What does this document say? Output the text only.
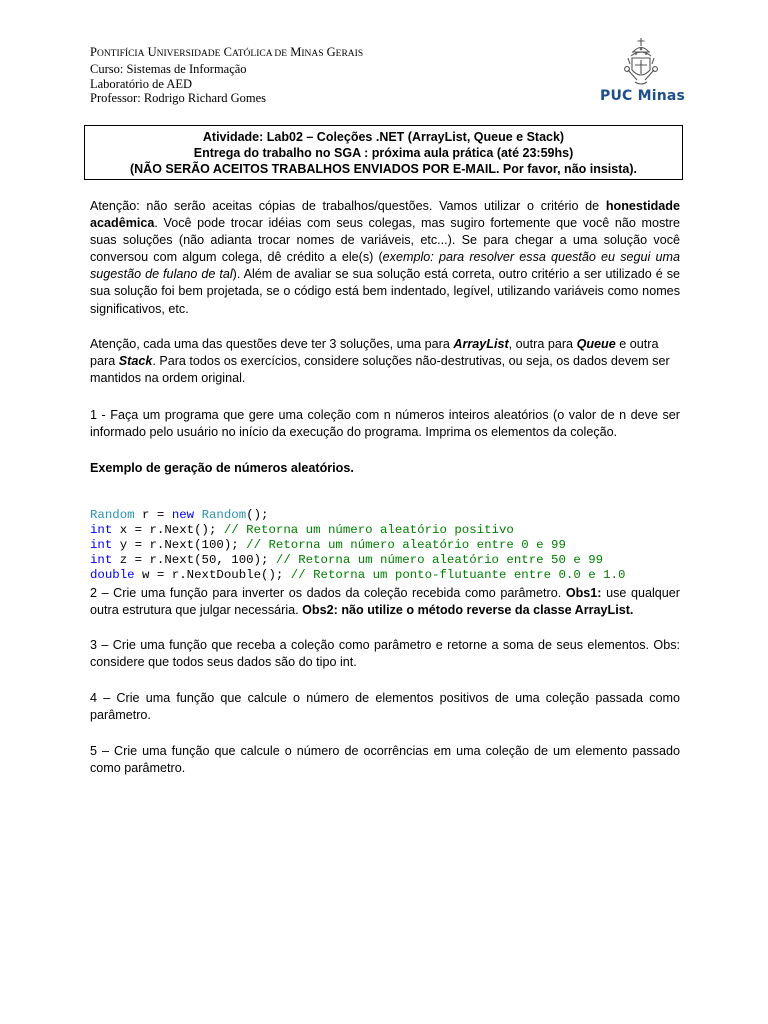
PONTIFÍCIA UNIVERSIDADE CATÓLICA DE MINAS GERAIS
Curso: Sistemas de Informação
Laboratório de AED
Professor: Rodrigo Richard Gomes	PUC Minas
Atividade: Lab02 – Coleções .NET (ArrayList, Queue e Stack)
Entrega do trabalho no SGA : próxima aula prática (até 23:59hs)
(NÃO SERÃO ACEITOS TRABALHOS ENVIADOS POR E-MAIL. Por favor, não insista).
Atenção: não serão aceitas cópias de trabalhos/questões. Vamos utilizar o critério de honestidade acadêmica. Você pode trocar idéias com seus colegas, mas sugiro fortemente que você não mostre suas soluções (não adianta trocar nomes de variáveis, etc...). Se para chegar a uma solução você conversou com algum colega, dê crédito a ele(s) (exemplo: para resolver essa questão eu segui uma sugestão de fulano de tal). Além de avaliar se sua solução está correta, outro critério a ser utilizado é se sua solução foi bem projetada, se o código está bem indentado, legível, utilizando variáveis como nomes significativos, etc.
Atenção, cada uma das questões deve ter 3 soluções, uma para ArrayList, outra para Queue e outra para Stack. Para todos os exercícios, considere soluções não-destrutivas, ou seja, os dados devem ser mantidos na ordem original.
1 - Faça um programa que gere uma coleção com n números inteiros aleatórios (o valor de n deve ser informado pelo usuário no início da execução do programa. Imprima os elementos da coleção.
Exemplo de geração de números aleatórios.

Random r = new Random();
int x = r.Next(); // Retorna um número aleatório positivo
int y = r.Next(100); // Retorna um número aleatório entre 0 e 99
int z = r.Next(50, 100); // Retorna um número aleatório entre 50 e 99
double w = r.NextDouble(); // Retorna um ponto-flutuante entre 0.0 e 1.0

2 – Crie uma função para inverter os dados da coleção recebida como parâmetro. Obs1: use qualquer outra estrutura que julgar necessária. Obs2: não utilize o método reverse da classe ArrayList.
3 – Crie uma função que receba a coleção como parâmetro e retorne a soma de seus elementos. Obs: considere que todos seus dados são do tipo int.
4 – Crie uma função que calcule o número de elementos positivos de uma coleção passada como parâmetro.
5 – Crie uma função que calcule o número de ocorrências em uma coleção de um elemento passado como parâmetro.
